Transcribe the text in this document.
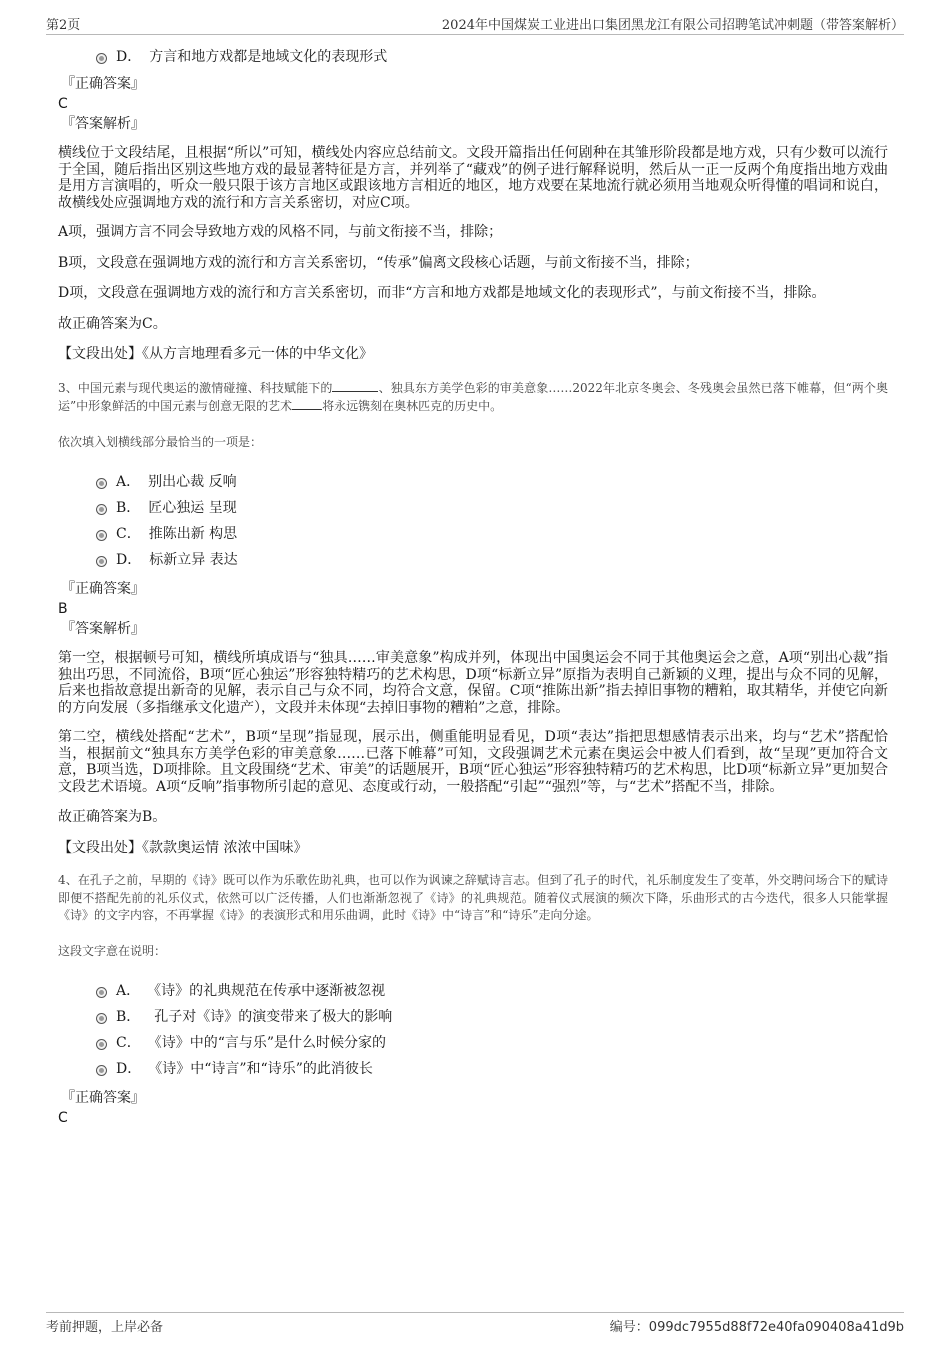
第2页	2024年中国煤炭工业进出口集团黑龙江有限公司招聘笔试冲刺题（带答案解析）
D． 方言和地方戏都是地域文化的表现形式
『正确答案』
C
『答案解析』

横线位于文段结尾，且根据“所以”可知，横线处内容应总结前文。文段开篇指出任何剧种在其雏形阶段都是地方戏，只有少数可以流行于全国，随后指出区别这些地方戏的最显著特征是方言，并列举了“藏戏”的例子进行解释说明，然后从一正一反两个角度指出地方戏曲是用方言演唱的，听众一般只限于该方言地区或跟该地方言相近的地区，地方戏要在某地流行就必须用当地观众听得懂的唱词和说白，故横线处应强调地方戏的流行和方言关系密切，对应C项。

A项，强调方言不同会导致地方戏的风格不同，与前文衔接不当，排除；

B项，文段意在强调地方戏的流行和方言关系密切，“传承”偏离文段核心话题，与前文衔接不当，排除；

D项，文段意在强调地方戏的流行和方言关系密切，而非“方言和地方戏都是地域文化的表现形式”，与前文衔接不当，排除。

故正确答案为C。

【文段出处】《从方言地理看多元一体的中华文化》

3、中国元素与现代奥运的激情碰撞、科技赋能下的	、独具东方美学色彩的审美意象……2022年北京冬奥会、冬残奥会虽然已落下帷幕，但“两个奥运”中形象鲜活的中国元素与创意无限的艺术	将永远镌刻在奥林匹克的历史中。

依次填入划横线部分最恰当的一项是：

A． 别出心裁 反响
B． 匠心独运 呈现
C． 推陈出新 构思
D． 标新立异 表达
『正确答案』
B
『答案解析』

第一空，根据顿号可知，横线所填成语与“独具……审美意象”构成并列，体现出中国奥运会不同于其他奥运会之意，A项“别出心裁”指独出巧思，不同流俗，B项“匠心独运”形容独特精巧的艺术构思，D项“标新立异”原指为表明自己新颖的义理，提出与众不同的见解，后来也指故意提出新奇的见解，表示自己与众不同，均符合文意，保留。C项“推陈出新”指去掉旧事物的糟粕，取其精华，并使它向新的方向发展（多指继承文化遗产），文段并未体现“去掉旧事物的糟粕”之意，排除。

第二空，横线处搭配“艺术”，B项“呈现”指显现，展示出，侧重能明显看见，D项“表达”指把思想感情表示出来，均与“艺术”搭配恰当，根据前文“独具东方美学色彩的审美意象……已落下帷幕”可知，文段强调艺术元素在奥运会中被人们看到，故“呈现”更加符合文意，B项当选，D项排除。且文段围绕“艺术、审美”的话题展开，B项“匠心独运”形容独特精巧的艺术构思，比D项“标新立异”更加契合文段艺术语境。A项“反响”指事物所引起的意见、态度或行动，一般搭配“引起”“强烈”等，与“艺术”搭配不当，排除。

故正确答案为B。

【文段出处】《款款奥运情 浓浓中国味》

4、在孔子之前，早期的《诗》既可以作为乐歌佐助礼典，也可以作为讽谏之辞赋诗言志。但到了孔子的时代，礼乐制度发生了变革，外交聘问场合下的赋诗即便不搭配先前的礼乐仪式，依然可以广泛传播，人们也渐渐忽视了《诗》的礼典规范。随着仪式展演的频次下降，乐曲形式的古今迭代，很多人只能掌握《诗》的文字内容，不再掌握《诗》的表演形式和用乐曲调，此时《诗》中“诗言”和“诗乐”走向分途。

这段文字意在说明：

A． 《诗》的礼典规范在传承中逐渐被忽视
B． 孔子对《诗》的演变带来了极大的影响
C． 《诗》中的“言与乐”是什么时候分家的
D． 《诗》中“诗言”和“诗乐”的此消彼长
『正确答案』
C
考前押题，上岸必备	编号：099dc7955d88f72e40fa090408a41d9b
